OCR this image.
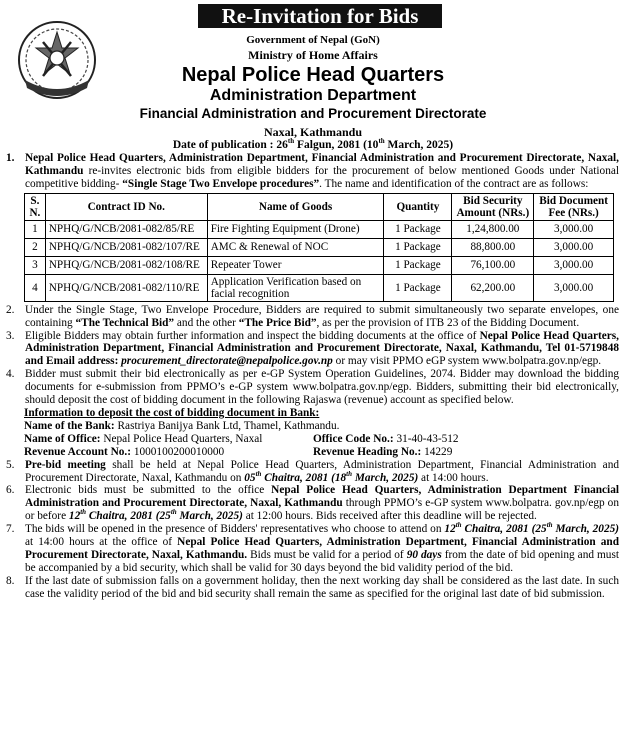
Re-Invitation for Bids
Government of Nepal (GoN)
Ministry of Home Affairs
Nepal Police Head Quarters
Administration Department
Financial Administration and Procurement Directorate
Naxal, Kathmandu
Date of publication : 26th Falgun, 2081 (10th March, 2025)
1. Nepal Police Head Quarters, Administration Department, Financial Administration and Procurement Directorate, Naxal, Kathmandu re-invites electronic bids from eligible bidders for the procurement of below mentioned Goods under National competitive bidding- “Single Stage Two Envelope procedures”. The name and identification of the contract are as follows:
S. N.	Contract ID No.	Name of Goods	Quantity	Bid Security Amount (NRs.)	Bid Document Fee (NRs.)
1	NPHQ/G/NCB/2081-082/85/RE	Fire Fighting Equipment (Drone)	1 Package	1,24,800.00	3,000.00
2	NPHQ/G/NCB/2081-082/107/RE	AMC & Renewal of NOC	1 Package	88,800.00	3,000.00
3	NPHQ/G/NCB/2081-082/108/RE	Repeater Tower	1 Package	76,100.00	3,000.00
4	NPHQ/G/NCB/2081-082/110/RE	Application Verification based on facial recognition	1 Package	62,200.00	3,000.00
2. Under the Single Stage, Two Envelope Procedure, Bidders are required to submit simultaneously two separate envelopes, one containing “The Technical Bid” and the other “The Price Bid”, as per the provision of ITB 23 of the Bidding Document.
3. Eligible Bidders may obtain further information and inspect the bidding documents at the office of Nepal Police Head Quarters, Administration Department, Financial Administration and Procurement Directorate, Naxal, Kathmandu, Tel 01-5719848 and Email address: procurement_directorate@nepalpolice.gov.np or may visit PPMO eGP system www.bolpatra.gov.np/egp.
4. Bidder must submit their bid electronically as per e-GP System Operation Guidelines, 2074. Bidder may download the bidding documents for e-submission from PPMO’s e-GP system www.bolpatra.gov.np/egp. Bidders, submitting their bid electronically, should deposit the cost of bidding document in the following Rajaswa (revenue) account as specified below.
Information to deposit the cost of bidding document in Bank:
Name of the Bank: Rastriya Banijya Bank Ltd, Thamel, Kathmandu.
Name of Office: Nepal Police Head Quarters, Naxal	Office Code No.: 31-40-43-512
Revenue Account No.: 1000100200010000	Revenue Heading No.: 14229
5. Pre-bid meeting shall be held at Nepal Police Head Quarters, Administration Department, Financial Administration and Procurement Directorate, Naxal, Kathmandu on 05th Chaitra, 2081 (18th March, 2025) at 14:00 hours.
6. Electronic bids must be submitted to the office Nepal Police Head Quarters, Administration Department Financial Administration and Procurement Directorate, Naxal, Kathmandu through PPMO’s e-GP system www.bolpatra. gov.np/egp on or before 12th Chaitra, 2081 (25th March, 2025) at 12:00 hours. Bids received after this deadline will be rejected.
7. The bids will be opened in the presence of Bidders' representatives who choose to attend on 12th Chaitra, 2081 (25th March, 2025) at 14:00 hours at the office of Nepal Police Head Quarters, Administration Department, Financial Administration and Procurement Directorate, Naxal, Kathmandu. Bids must be valid for a period of 90 days from the date of bid opening and must be accompanied by a bid security, which shall be valid for 30 days beyond the bid validity period of the bid.
8. If the last date of submission falls on a government holiday, then the next working day shall be considered as the last date. In such case the validity period of the bid and bid security shall remain the same as specified for the original last date of bid submission.
